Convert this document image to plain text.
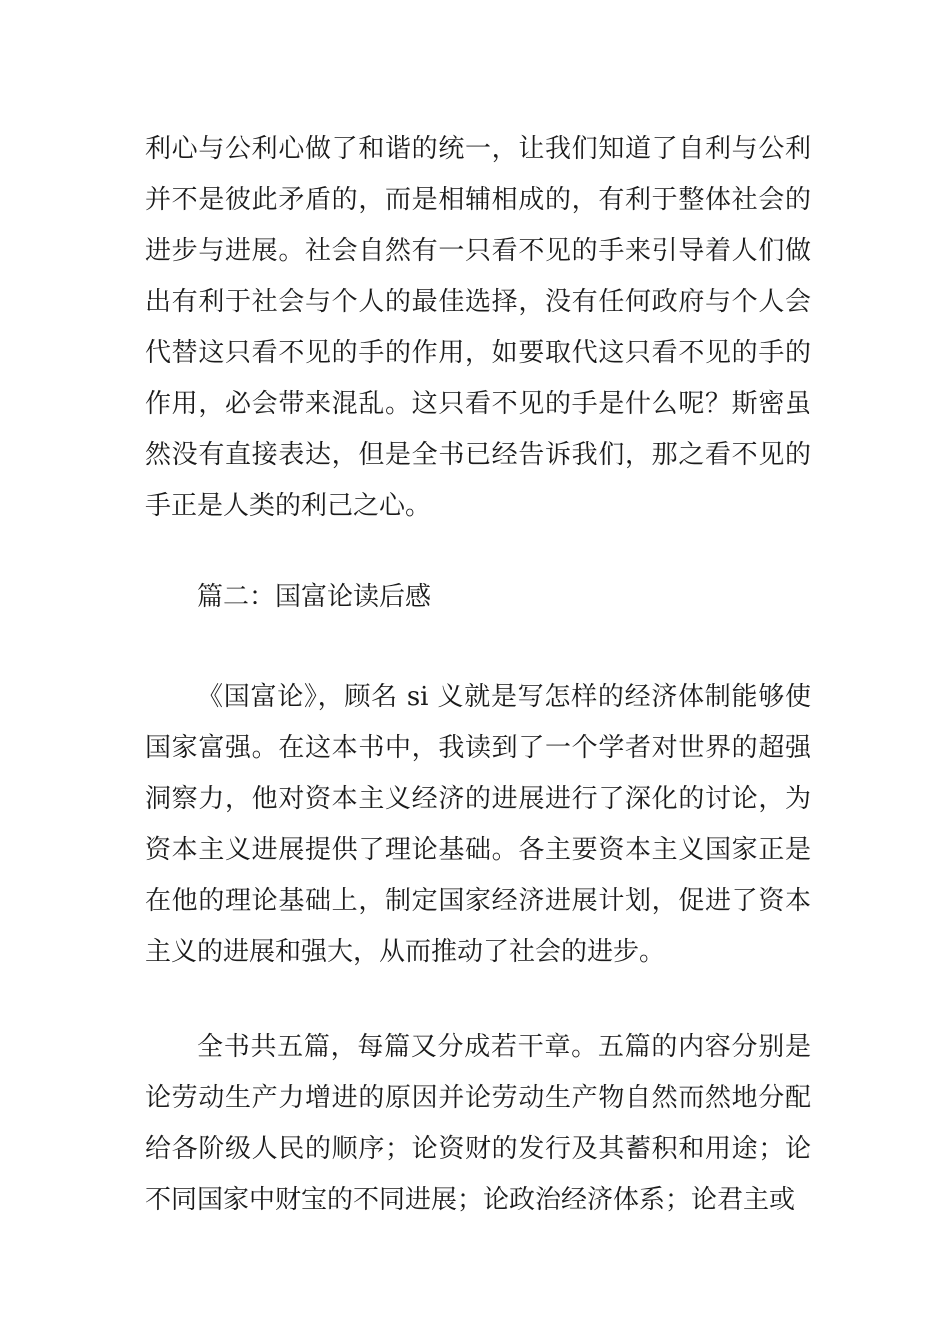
利心与公利心做了和谐的统一，让我们知道了自利与公利并不是彼此矛盾的，而是相辅相成的，有利于整体社会的进步与进展。社会自然有一只看不见的手来引导着人们做出有利于社会与个人的最佳选择，没有任何政府与个人会代替这只看不见的手的作用，如要取代这只看不见的手的作用，必会带来混乱。这只看不见的手是什么呢？斯密虽然没有直接表达，但是全书已经告诉我们，那之看不见的手正是人类的利己之心。

篇二：国富论读后感

《国富论》，顾名 si 义就是写怎样的经济体制能够使国家富强。在这本书中，我读到了一个学者对世界的超强洞察力，他对资本主义经济的进展进行了深化的讨论，为资本主义进展提供了理论基础。各主要资本主义国家正是在他的理论基础上，制定国家经济进展计划，促进了资本主义的进展和强大，从而推动了社会的进步。

全书共五篇，每篇又分成若干章。五篇的内容分别是论劳动生产力增进的原因并论劳动生产物自然而然地分配给各阶级人民的顺序；论资财的发行及其蓄积和用途；论不同国家中财宝的不同进展；论政治经济体系；论君主或
